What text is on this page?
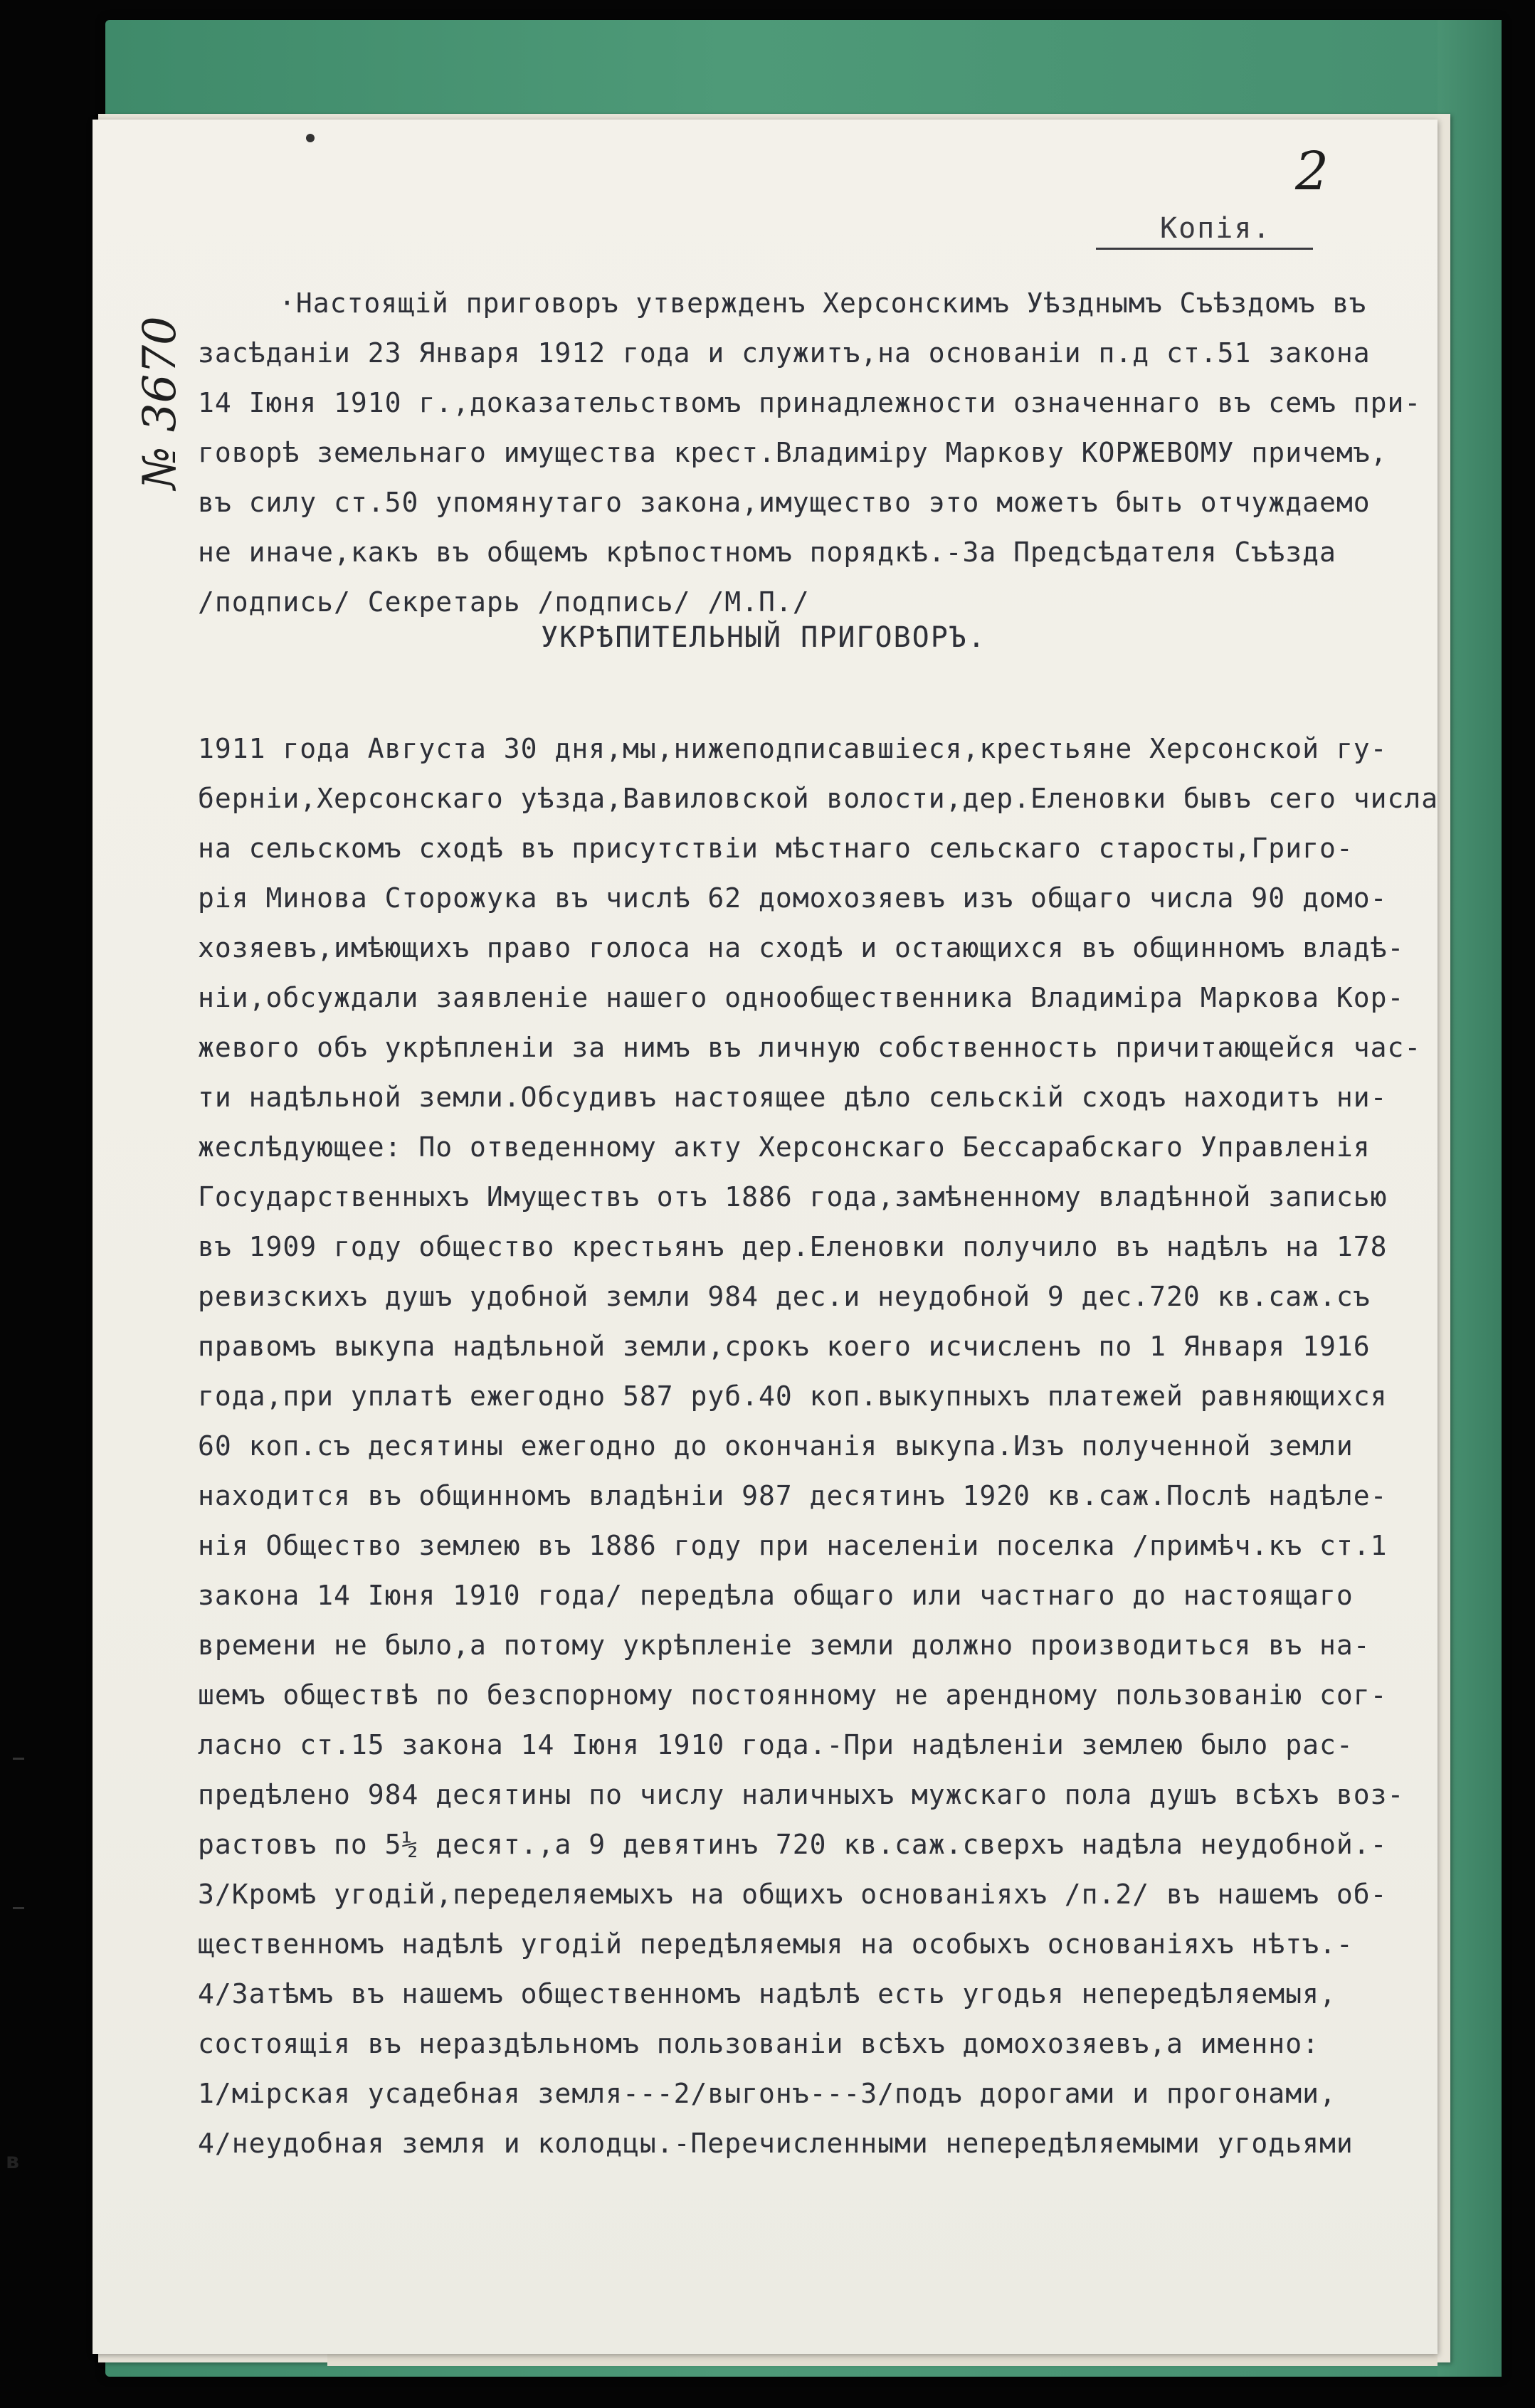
2
Копія.
№ 3670
·Настоящій приговоръ утвержденъ Херсонскимъ Уѣзднымъ Съѣздомъ въ
засѣданіи 23 Января 1912 года и служитъ,на основаніи п.д ст.51 закона
14 Іюня 1910 г.,доказательствомъ принадлежности означеннаго въ семъ при-
говорѣ земельнаго имущества крест.Владиміру Маркову КОРЖЕВОМУ причемъ,
въ силу ст.50 упомянутаго закона,имущество это можетъ быть отчуждаемо
не иначе,какъ въ общемъ крѣпостномъ порядкѣ.-За Предсѣдателя Съѣзда
/подпись/ Секретарь /подпись/ /М.П./
УКРѢПИТЕЛЬНЫЙ ПРИГОВОРЪ.
1911 года Августа 30 дня,мы,нижеподписавшіеся,крестьяне Херсонской гу-
берніи,Херсонскаго уѣзда,Вавиловской волости,дер.Еленовки бывъ сего числа
на сельскомъ сходѣ въ присутствіи мѣстнаго сельскаго старосты,Григо-
рія Минова Сторожука въ числѣ 62 домохозяевъ изъ общаго числа 90 домо-
хозяевъ,имѣющихъ право голоса на сходѣ и остающихся въ общинномъ владѣ-
ніи,обсуждали заявленіе нашего однообщественника Владиміра Маркова Кор-
жевого объ укрѣпленіи за нимъ въ личную собственность причитающейся час-
ти надѣльной земли.Обсудивъ настоящее дѣло сельскій сходъ находитъ ни-
жеслѣдующее: По отведенному акту Херсонскаго Бессарабскаго Управленія
Государственныхъ Имуществъ отъ 1886 года,замѣненному владѣнной записью
въ 1909 году общество крестьянъ дер.Еленовки получило въ надѣлъ на 178
ревизскихъ душъ удобной земли 984 дес.и неудобной 9 дес.720 кв.саж.съ
правомъ выкупа надѣльной земли,срокъ коего исчисленъ по 1 Января 1916
года,при уплатѣ ежегодно 587 руб.40 коп.выкупныхъ платежей равняющихся
60 коп.съ десятины ежегодно до окончанія выкупа.Изъ полученной земли
находится въ общинномъ владѣніи 987 десятинъ 1920 кв.саж.Послѣ надѣле-
нія Общество землею въ 1886 году при населеніи поселка /примѣч.къ ст.1
закона 14 Іюня 1910 года/ передѣла общаго или частнаго до настоящаго
времени не было,а потому укрѣпленіе земли должно производиться въ на-
шемъ обществѣ по безспорному постоянному не арендному пользованію сог-
ласно ст.15 закона 14 Іюня 1910 года.-При надѣленіи землею было рас-
предѣлено 984 десятины по числу наличныхъ мужскаго пола душъ всѣхъ воз-
растовъ по 5½ десят.,а 9 девятинъ 720 кв.саж.сверхъ надѣла неудобной.-
3/Кромѣ угодій,переделяемыхъ на общихъ основаніяхъ /п.2/ въ нашемъ об-
щественномъ надѣлѣ угодій передѣляемыя на особыхъ основаніяхъ нѣтъ.-
4/Затѣмъ въ нашемъ общественномъ надѣлѣ есть угодья непередѣляемыя,
состоящія въ нераздѣльномъ пользованіи всѣхъ домохозяевъ,а именно:
1/мірская усадебная земля---2/выгонъ---3/подъ дорогами и прогонами,
4/неудобная земля и колодцы.-Перечисленными непередѣляемыми угодьями
в
